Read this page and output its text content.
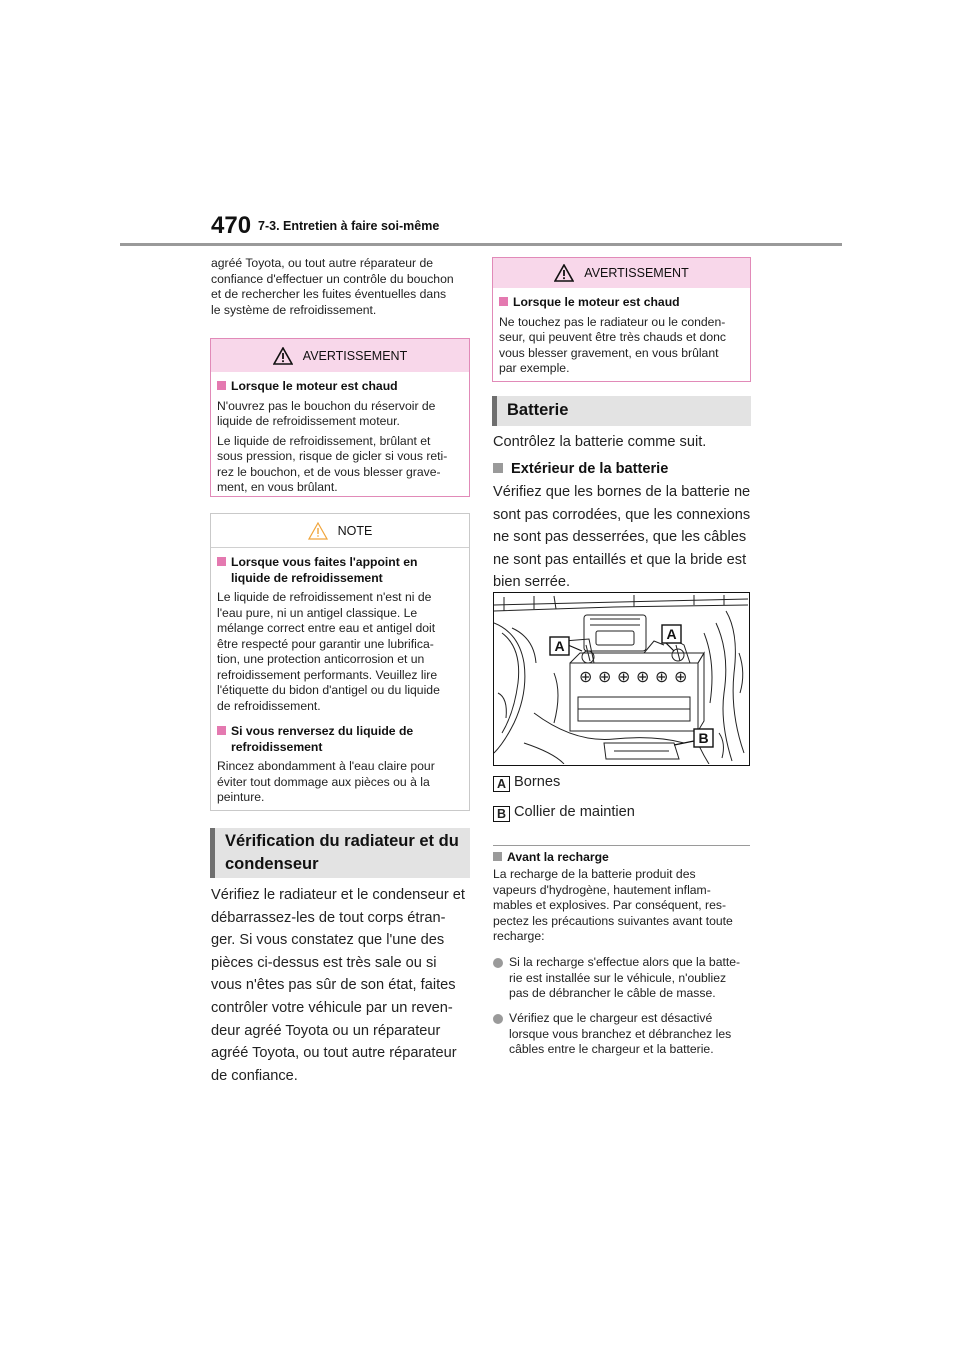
470 7-3. Entretien à faire soi-même
agréé Toyota, ou tout autre réparateur de
confiance d'effectuer un contrôle du bouchon
et de rechercher les fuites éventuelles dans
le système de refroidissement.
AVERTISSEMENT
Lorsque le moteur est chaud
N'ouvrez pas le bouchon du réservoir de
liquide de refroidissement moteur.
Le liquide de refroidissement, brûlant et
sous pression, risque de gicler si vous reti-
rez le bouchon, et de vous blesser grave-
ment, en vous brûlant.
NOTE
Lorsque vous faites l'appoint en
liquide de refroidissement
Le liquide de refroidissement n'est ni de
l'eau pure, ni un antigel classique. Le
mélange correct entre eau et antigel doit
être respecté pour garantir une lubrifica-
tion, une protection anticorrosion et un
refroidissement performants. Veuillez lire
l'étiquette du bidon d'antigel ou du liquide
de refroidissement.
Si vous renversez du liquide de
refroidissement
Rincez abondamment à l'eau claire pour
éviter tout dommage aux pièces ou à la
peinture.
Vérification du radiateur et du
condenseur
Vérifiez le radiateur et le condenseur et
débarrassez-les de tout corps étran-
ger. Si vous constatez que l'une des
pièces ci-dessus est très sale ou si
vous n'êtes pas sûr de son état, faites
contrôler votre véhicule par un reven-
deur agréé Toyota ou un réparateur
agréé Toyota, ou tout autre réparateur
de confiance.
AVERTISSEMENT
Lorsque le moteur est chaud
Ne touchez pas le radiateur ou le conden-
seur, qui peuvent être très chauds et donc
vous blesser gravement, en vous brûlant
par exemple.
Batterie
Contrôlez la batterie comme suit.
Extérieur de la batterie
Vérifiez que les bornes de la batterie ne
sont pas corrodées, que les connexions
ne sont pas desserrées, que les câbles
ne sont pas entaillés et que la bride est
bien serrée.
⊕ ⊕ ⊕ ⊕ ⊕ ⊕
A
A
B
A Bornes
B Collier de maintien
Avant la recharge
La recharge de la batterie produit des
vapeurs d'hydrogène, hautement inflam-
mables et explosives. Par conséquent, res-
pectez les précautions suivantes avant toute
recharge:
Si la recharge s'effectue alors que la batte-
rie est installée sur le véhicule, n'oubliez
pas de débrancher le câble de masse.
Vérifiez que le chargeur est désactivé
lorsque vous branchez et débranchez les
câbles entre le chargeur et la batterie.
